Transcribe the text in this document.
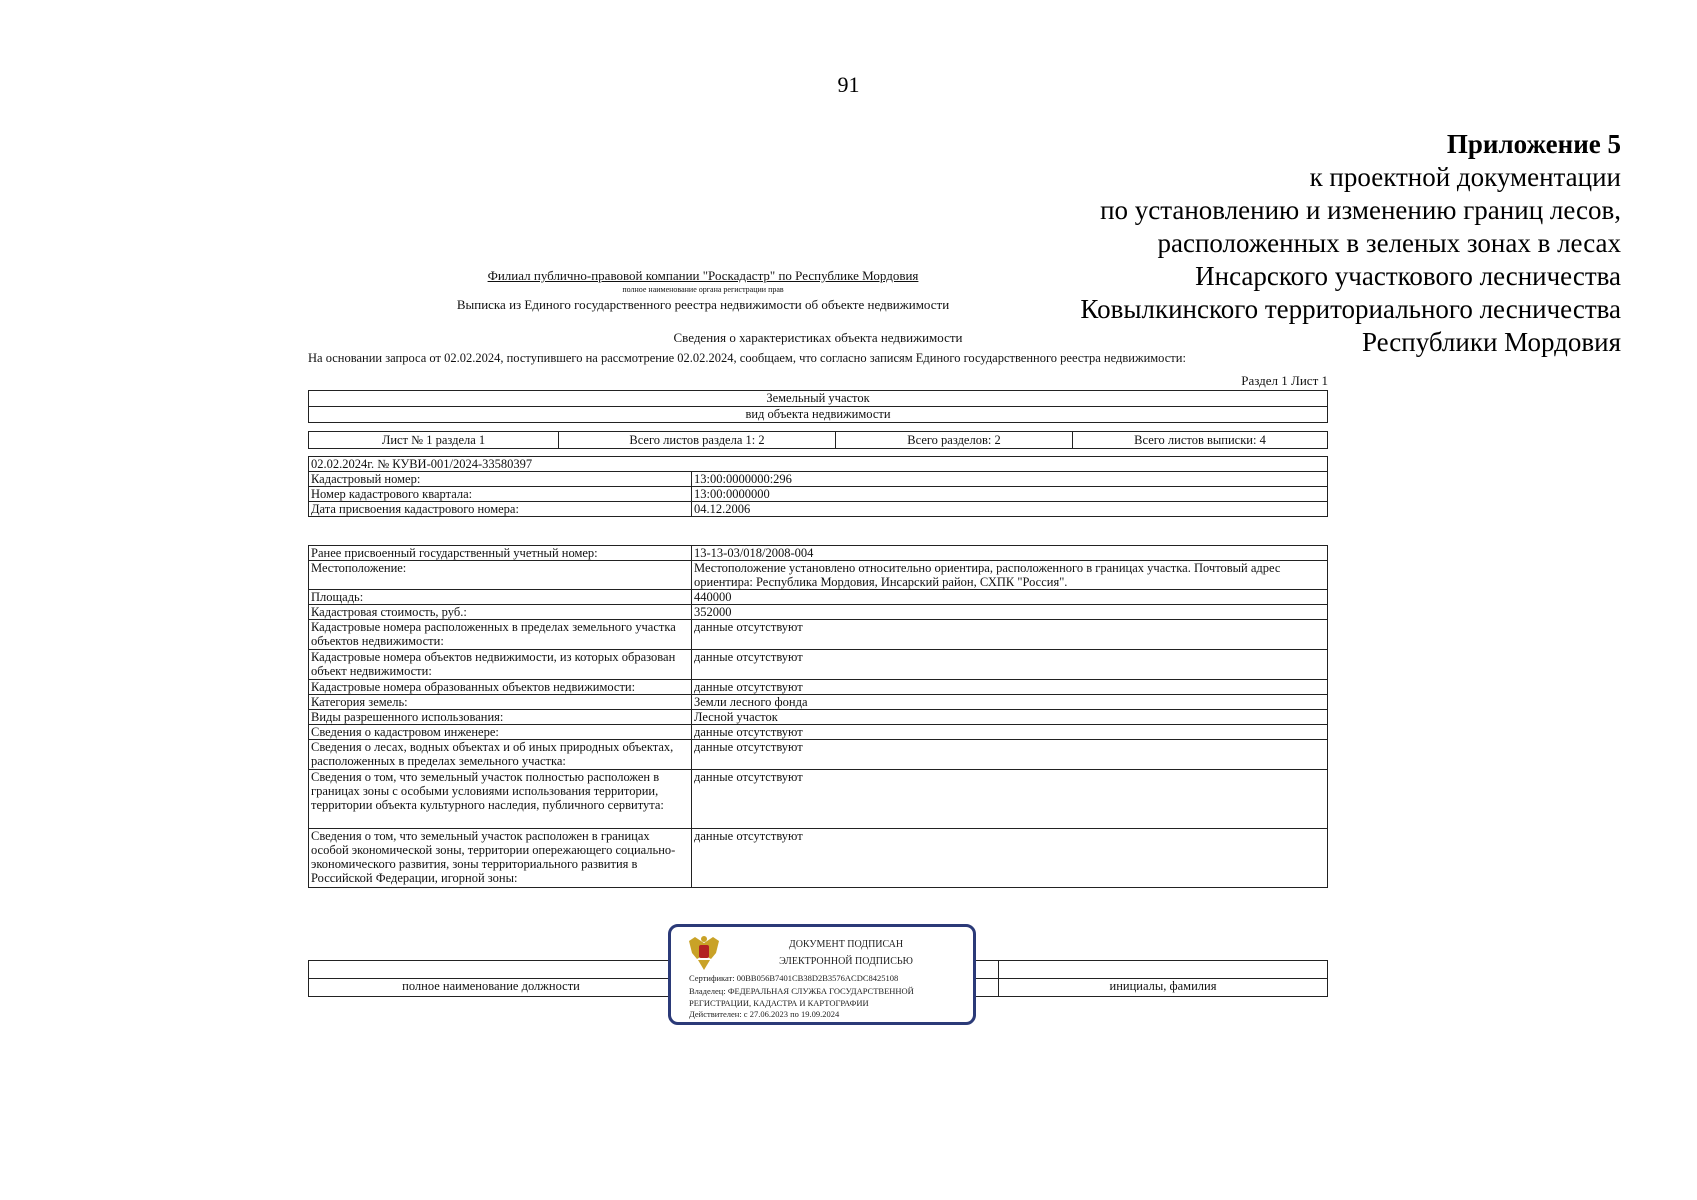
91
Приложение 5
к проектной документации
по установлению и изменению границ лесов,
расположенных в зеленых зонах в лесах
Инсарского участкового лесничества
Ковылкинского территориального лесничества
Республики Мордовия
Филиал публично-правовой компании "Роскадастр" по Республике Мордовия
полное наименование органа регистрации прав
Выписка из Единого государственного реестра недвижимости об объекте недвижимости
Сведения о характеристиках объекта недвижимости
На основании запроса от 02.02.2024, поступившего на рассмотрение 02.02.2024, сообщаем, что согласно записям Единого государственного реестра недвижимости:
Раздел 1 Лист 1
Земельный участок
вид объекта недвижимости
Лист № 1 раздела 1	Всего листов раздела 1: 2	Всего разделов: 2	Всего листов выписки: 4
02.02.2024г. № КУВИ-001/2024-33580397	
Кадастровый номер:	13:00:0000000:296
Номер кадастрового квартала:	13:00:0000000
Дата присвоения кадастрового номера:	04.12.2006
Ранее присвоенный государственный учетный номер:	13-13-03/018/2008-004
Местоположение:	Местоположение установлено относительно ориентира, расположенного в границах участка. Почтовый адрес ориентира: Республика Мордовия, Инсарский район, СХПК "Россия".
Площадь:	440000
Кадастровая стоимость, руб.:	352000
Кадастровые номера расположенных в пределах земельного участка объектов недвижимости:	данные отсутствуют
Кадастровые номера объектов недвижимости, из которых образован объект недвижимости:	данные отсутствуют
Кадастровые номера образованных объектов недвижимости:	данные отсутствуют
Категория земель:	Земли лесного фонда
Виды разрешенного использования:	Лесной участок
Сведения о кадастровом инженере:	данные отсутствуют
Сведения о лесах, водных объектах и об иных природных объектах, расположенных в пределах земельного участка:	данные отсутствуют
Сведения о том, что земельный участок полностью расположен в границах зоны с особыми условиями использования территории, территории объекта культурного наследия, публичного сервитута:	данные отсутствуют
Сведения о том, что земельный участок расположен в границах особой экономической зоны, территории опережающего социально-экономического развития, зоны территориального развития в Российской Федерации, игорной зоны:	данные отсутствуют

полное наименование должности		инициалы, фамилия
ДОКУМЕНТ ПОДПИСАН
ЭЛЕКТРОННОЙ ПОДПИСЬЮ
Сертификат: 00BB056B7401CB38D2B3576ACDC8425108
Владелец: ФЕДЕРАЛЬНАЯ СЛУЖБА ГОСУДАРСТВЕННОЙ
РЕГИСТРАЦИИ, КАДАСТРА И КАРТОГРАФИИ
Действителен: с 27.06.2023 по 19.09.2024
